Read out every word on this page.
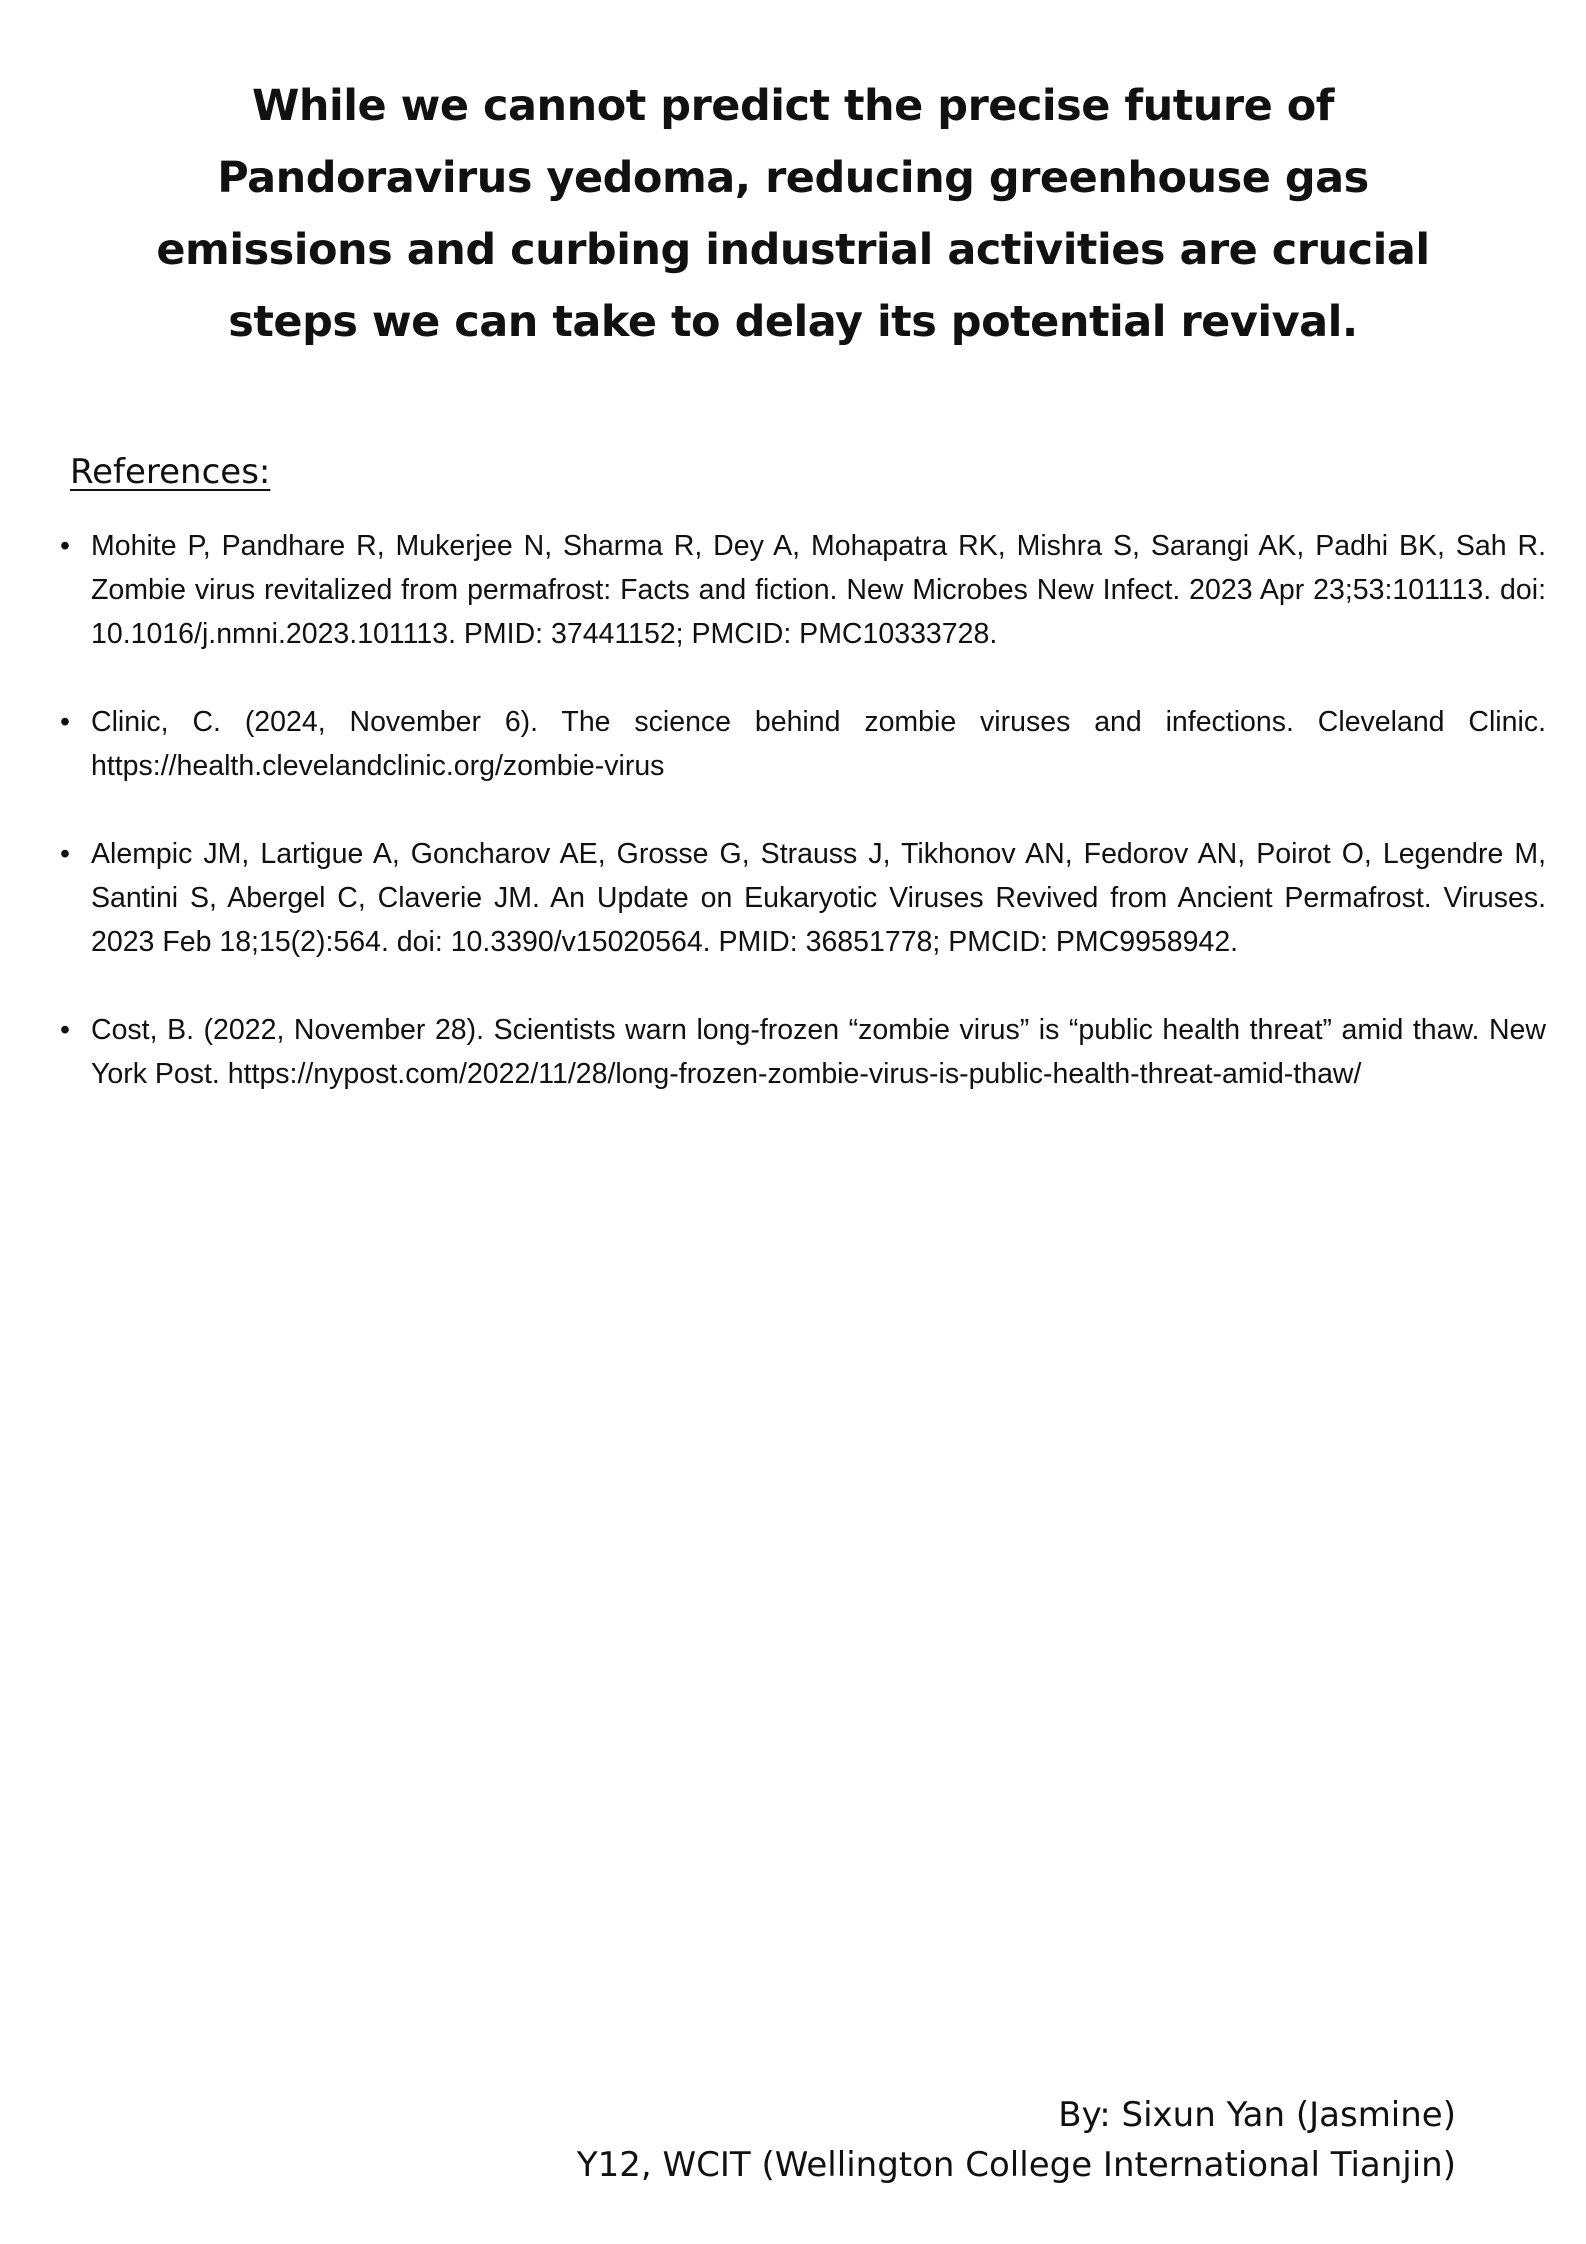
While we cannot predict the precise future of Pandoravirus yedoma, reducing greenhouse gas emissions and curbing industrial activities are crucial steps we can take to delay its potential revival.

References:
• Mohite P, Pandhare R, Mukerjee N, Sharma R, Dey A, Mohapatra RK, Mishra S, Sarangi AK, Padhi BK, Sah R. Zombie virus revitalized from permafrost: Facts and fiction. New Microbes New Infect. 2023 Apr 23;53:101113. doi: 10.1016/j.nmni.2023.101113. PMID: 37441152; PMCID: PMC10333728.
• Clinic, C. (2024, November 6). The science behind zombie viruses and infections. Cleveland Clinic. https://health.clevelandclinic.org/zombie-virus
• Alempic JM, Lartigue A, Goncharov AE, Grosse G, Strauss J, Tikhonov AN, Fedorov AN, Poirot O, Legendre M, Santini S, Abergel C, Claverie JM. An Update on Eukaryotic Viruses Revived from Ancient Permafrost. Viruses. 2023 Feb 18;15(2):564. doi: 10.3390/v15020564. PMID: 36851778; PMCID: PMC9958942.
• Cost, B. (2022, November 28). Scientists warn long-frozen “zombie virus” is “public health threat” amid thaw. New York Post. https://nypost.com/2022/11/28/long-frozen-zombie-virus-is-public-health-threat-amid-thaw/
By: Sixun Yan (Jasmine)
Y12, WCIT (Wellington College International Tianjin)
